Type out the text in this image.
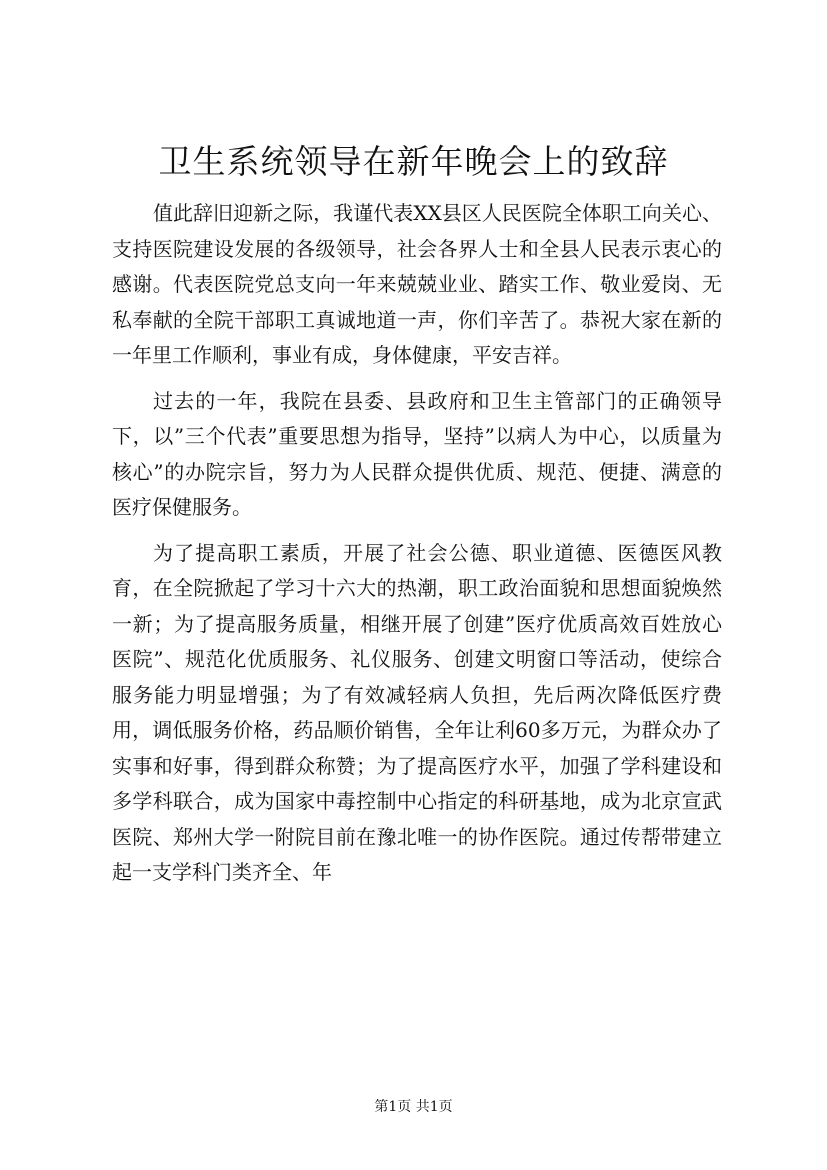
卫生系统领导在新年晚会上的致辞

值此辞旧迎新之际，我谨代表XX县区人民医院全体职工向关心、支持医院建设发展的各级领导，社会各界人士和全县人民表示衷心的感谢。代表医院党总支向一年来兢兢业业、踏实工作、敬业爱岗、无私奉献的全院干部职工真诚地道一声，你们辛苦了。恭祝大家在新的一年里工作顺利，事业有成，身体健康，平安吉祥。

过去的一年，我院在县委、县政府和卫生主管部门的正确领导下，以”三个代表”重要思想为指导，坚持”以病人为中心，以质量为核心”的办院宗旨，努力为人民群众提供优质、规范、便捷、满意的医疗保健服务。

为了提高职工素质，开展了社会公德、职业道德、医德医风教育，在全院掀起了学习十六大的热潮，职工政治面貌和思想面貌焕然一新；为了提高服务质量，相继开展了创建”医疗优质高效百姓放心医院”、规范化优质服务、礼仪服务、创建文明窗口等活动，使综合服务能力明显增强；为了有效减轻病人负担，先后两次降低医疗费用，调低服务价格，药品顺价销售，全年让利60多万元，为群众办了实事和好事，得到群众称赞；为了提高医疗水平，加强了学科建设和多学科联合，成为国家中毒控制中心指定的科研基地，成为北京宣武医院、郑州大学一附院目前在豫北唯一的协作医院。通过传帮带建立起一支学科门类齐全、年

第1页 共1页
